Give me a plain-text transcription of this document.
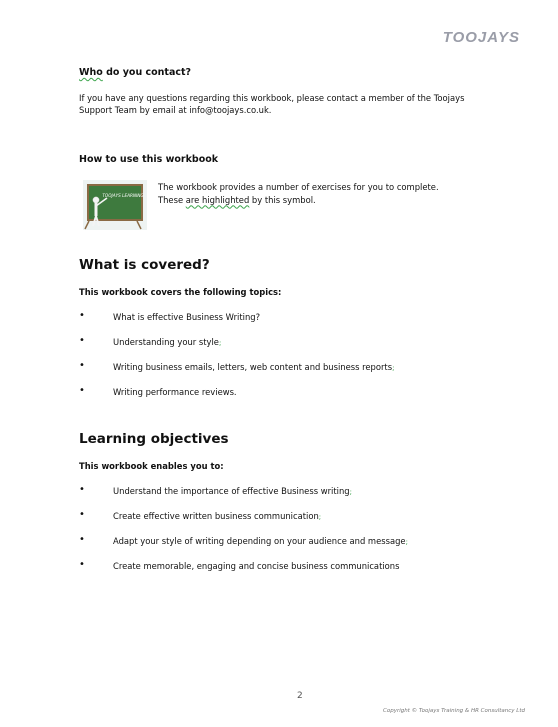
TOOJAYS

Who do you contact?

If you have any questions regarding this workbook, please contact a member of the Toojays
Support Team by email at info@toojays.co.uk.

How to use this workbook

TOOJAYS LEARNING

The workbook provides a number of exercises for you to complete.
These are highlighted by this symbol.

What is covered?

This workbook covers the following topics:

•	What is effective Business Writing?
•	Understanding your style;
•	Writing business emails, letters, web content and business reports;
•	Writing performance reviews.

Learning objectives

This workbook enables you to:

•	Understand the importance of effective Business writing;
•	Create effective written business communication;
•	Adapt your style of writing depending on your audience and message;
•	Create memorable, engaging and concise business communications
2
Copyright © Toojays Training & HR Consultancy Ltd
